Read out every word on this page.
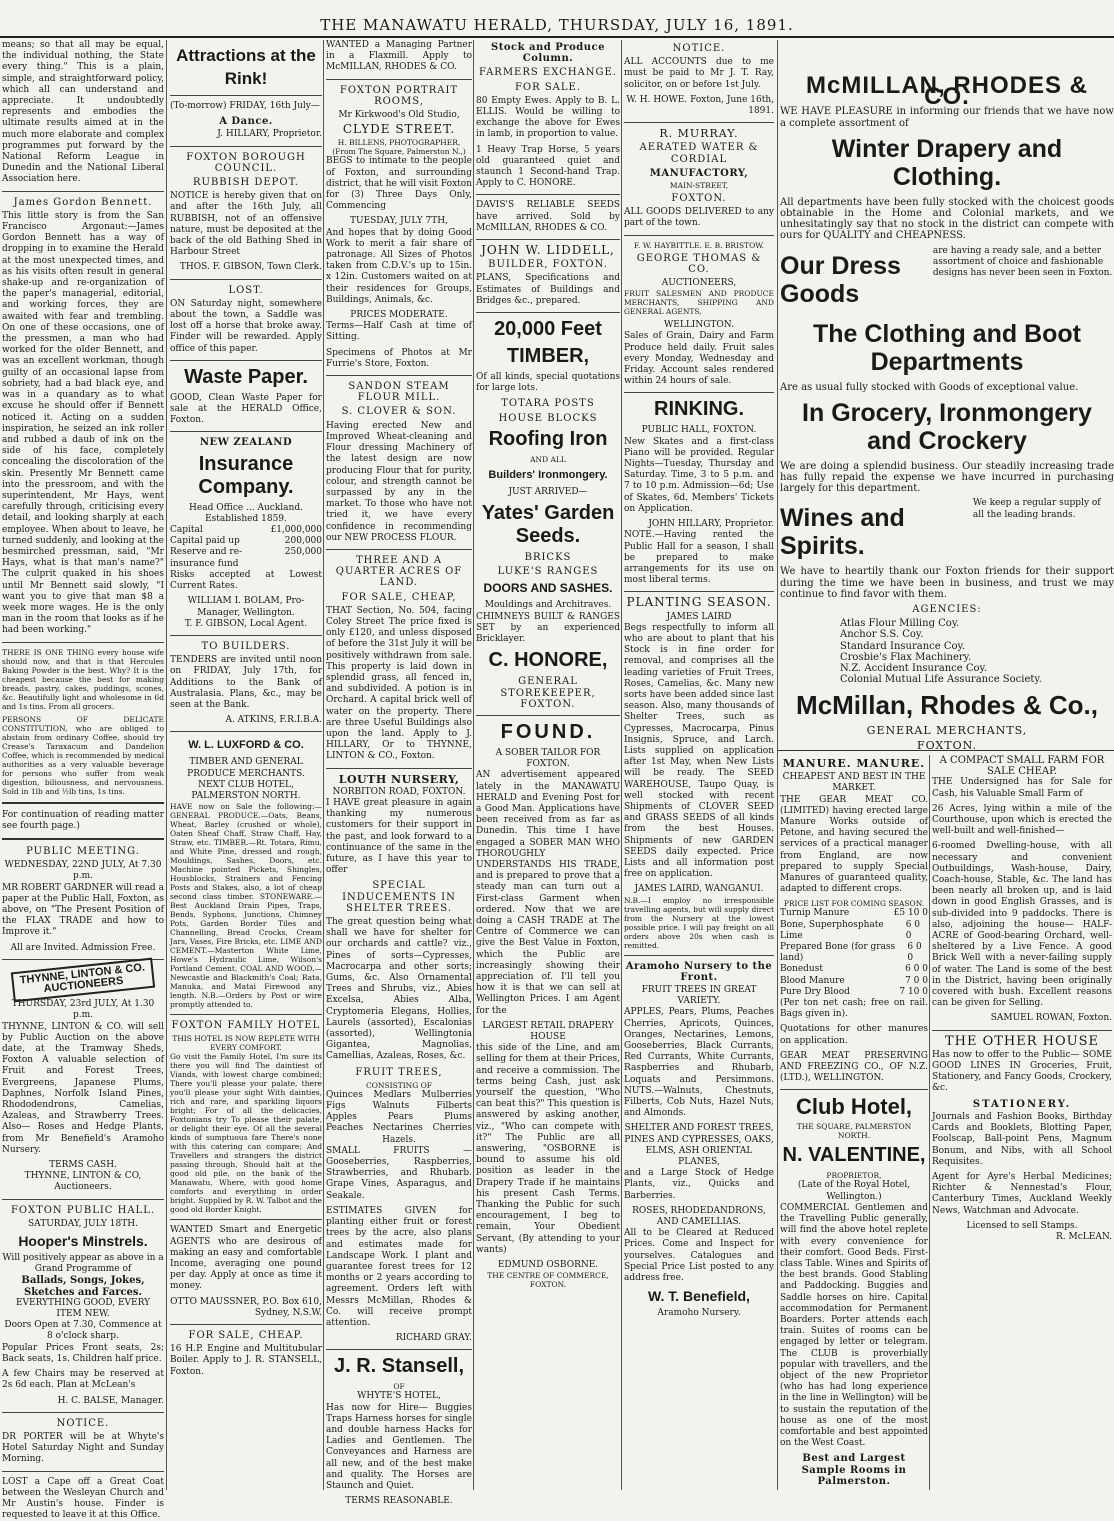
THE MANAWATU HERALD, THURSDAY, JULY 16, 1891.

means; so that all may be equal, the individual nothing, the State every thing." This is a plain, simple, and straightforward policy, which all can understand and appreciate. It undoubtedly represents and embodies the ultimate results aimed at in the much more elaborate and complex programmes put forward by the National Reform League in Dunedin and the National Liberal Association here.

James Gordon Bennett.

This little story is from the San Francisco Argonaut:—James Gordon Bennett has a way of dropping in to examine the Herald at the most unexpected times, and as his visits often result in general shake-up and re-organization of the paper's managerial, editorial, and working forces, they are awaited with fear and trembling. On one of these occasions, one of the pressmen, a man who had worked for the older Bennett, and was an excellent workman, though guilty of an occasional lapse from sobriety, had a bad black eye, and was in a quandary as to what excuse he should offer if Bennett noticed it. Acting on a sudden inspiration, he seized an ink roller and rubbed a daub of ink on the side of his face, completely concealing the discoloration of the skin. Presently Mr Bennett came into the pressroom, and with the superintendent, Mr Hays, went carefully through, criticising every detail, and looking sharply at each employee. When about to leave, he turned suddenly, and looking at the besmirched pressman, said, "Mr Hays, what is that man's name?" The culprit quaked in his shoes until Mr Bennett said slowly, "I want you to give that man $8 a week more wages. He is the only man in the room that looks as if he had been working."

THERE IS ONE THING every house wife should now, and that is that Hercules Baking Powder is the best. Why? It is the cheapest because the best for making breads, pastry, cakes, puddings, scones, &c. Beautifully light and wholesome in 6d and 1s tins. From all grocers.

PERSONS OF DELICATE CONSTITUTION, who are obliged to abstain from ordinary Coffee, should try Crease's Taraxacum and Dandelion Coffee, which is recommended by medical authorities as a very valuable beverage for persons who suffer from weak digestion, biliousness, and nervousness. Sold in 1lb and ½lb tins, 1s tins.

For continuation of reading matter see fourth page.)

PUBLIC MEETING.
WEDNESDAY, 22ND JULY, At 7.30 p.m.

MR ROBERT GARDNER will read a paper at the Public Hall, Foxton, as above, on "The Present Position of the FLAX TRADE and how to Improve it."

All are Invited. Admission Free.
THYNNE, LINTON & CO. AUCTIONEERS
THURSDAY, 23rd JULY, At 1.30 p.m.

THYNNE, LINTON & CO. will sell by Public Auction on the above date, at the Tramway Sheds, Foxton A valuable selection of Fruit and Forest Trees, Evergreens, Japanese Plums, Daphnes, Norfolk Island Pines, Rhododendrons, Camelias, Azaleas, and Strawberry Trees. Also— Roses and Hedge Plants, from Mr Benefield's Aramoho Nursery.

TERMS CASH.
THYNNE, LINTON & CO, Auctioneers.
FOXTON PUBLIC HALL.
SATURDAY, JULY 18TH.
Hooper's Minstrels.
Will positively appear as above in a Grand Programme of
Ballads, Songs, Jokes, Sketches and Farces.
EVERYTHING GOOD, EVERY ITEM NEW.
Doors Open at 7.30, Commence at 8 o'clock sharp.

Popular Prices Front seats, 2s; Back seats, 1s. Children half price.

A few Chairs may be reserved at 2s 6d each. Plan at McLean's

H. C. BALSE, Manager.
NOTICE.

DR PORTER will be at Whyte's Hotel Saturday Night and Sunday Morning.

LOST a Cape off a Great Coat between the Wesleyan Church and Mr Austin's house. Finder is requested to leave it at this Office.

Attractions at the Rink!

(To-morrow) FRIDAY, 16th July—

A Dance.
J. HILLARY, Proprietor.
FOXTON BOROUGH COUNCIL.
RUBBISH DEPOT.

NOTICE is hereby given that on and after the 16th July, all RUBBISH, not of an offensive nature, must be deposited at the back of the old Bathing Shed in Harbour Street

THOS. F. GIBSON, Town Clerk.
LOST.

ON Saturday night, somewhere about the town, a Saddle was lost off a horse that broke away. Finder will be rewarded. Apply office of this paper.

Waste Paper.

GOOD, Clean Waste Paper for sale at the HERALD Office, Foxton.

NEW ZEALAND
Insurance Company.
Head Office ... Auckland. Established 1859.
Capital	£1,000,000
Capital paid up	200,000
Reserve and re-insurance fund
250,000

Risks accepted at Lowest Current Rates.

WILLIAM I. BOLAM, Pro-Manager, Wellington.
T. F. GIBSON, Local Agent.
TO BUILDERS.

TENDERS are invited until noon on FRIDAY, July 17th, for Additions to the Bank of Australasia. Plans, &c., may be seen at the Bank.

A. ATKINS, F.R.I.B.A.
W. L. LUXFORD & CO.
TIMBER AND GENERAL PRODUCE MERCHANTS.
NEXT CLUB HOTEL, PALMERSTON NORTH.

HAVE now on Sale the following:— GENERAL PRODUCE.—Oats, Beans, Wheat, Barley (crushed or whole), Oaten Sheaf Chaff, Straw Chaff, Hay, Straw, etc. TIMBER.—Rt. Totara, Rimu, and White Pine, dressed and rough, Mouldings, Sashes, Doors, etc. Machine pointed Pickets, Shingles, Housblocks, Strainers and Fencing Posts and Stakes, also, a lot of cheap second class timber. STONEWARE.—Best Auckland Drain Pipes, Traps, Bends, Syphons, Junctions, Chimney Pots, Garden Border Tiles and Channelling, Bread Crocks, Cream Jars, Vases, Fire Bricks, etc. LIME AND CEMENT.—Masterton White Lime, Howe's Hydraulic Lime, Wilson's Portland Cement. COAL AND WOOD.—Newcastle and Blackmith's Coal; Rata, Manuka, and Matai Firewood any length. N.B.—Orders by Post or wire promptly attended to.

FOXTON FAMILY HOTEL
THIS HOTEL IS NOW REPLETE WITH EVERY COMFORT.

Go visit the Family Hotel, I'm sure its there you will find The daintiest of Viands, with lowest charge combined; There you'll please your palate, there you'll please your sight With dainties, rich and rare, and sparkling liquors bright; For of all the delicacies, Foxtonians try To please their palate, or delight their eye. Of all the several kinds of sumptuous fare There's none with this catering can compare; And Travellers and strangers the district passing through, Should halt at the good old pile, on the bank of the Manawatu, Where, with good home comforts and everything in order bright. Supplied by R. W. Talbot and the good old Border Knight.

WANTED Smart and Energetic AGENTS who are desirous of making an easy and comfortable Income, averaging one pound per day. Apply at once as time it money.

OTTO MAUSSNER, P.O. Box 610, Sydney, N.S.W.
FOR SALE, CHEAP.

16 H.P. Engine and Multitubular Boiler. Apply to J. R. STANSELL, Foxton.

WANTED a Managing Partner in a Flaxmill. Apply to McMILLAN, RHODES & CO.

FOXTON PORTRAIT ROOMS,
Mr Kirkwood's Old Studio,
CLYDE STREET.
H. BILLENS, PHOTOGRAPHER, (From The Square, Palmerston N.,)

BEGS to intimate to the people of Foxton, and surrounding district, that he will visit Foxton for (3) Three Days Only, Commencing

TUESDAY, JULY 7TH,

And hopes that by doing Good Work to merit a fair share of patronage. All Sizes of Photos taken from C.D.V.'s up to 15in. x 12in. Customers waited on at their residences for Groups, Buildings, Animals, &c.

PRICES MODERATE.

Terms—Half Cash at time of Sitting.

Specimens of Photos at Mr Furrie's Store, Foxton.

SANDON STEAM FLOUR MILL.
S. CLOVER & SON.

Having erected New and Improved Wheat-cleaning and Flour dressing Machinery of the latest design are now producing Flour that for purity, colour, and strength cannot be surpassed by any in the market. To those who have not tried it, we have every confidence in recommending our NEW PROCESS FLOUR.

THREE AND A QUARTER ACRES OF LAND.
FOR SALE, CHEAP,

THAT Section, No. 504, facing Coley Street The price fixed is only £120, and unless disposed of before the 31st July it will be positively withdrawn from sale. This property is laid down in splendid grass, all fenced in, and subdivided. A potion is in Orchard. A capital brick well of water on the property. There are three Useful Buildings also upon the land. Apply to J. HILLARY, Or to THYNNE, LINTON & CO., Foxton.

LOUTH NURSERY,
NORBITON ROAD, FOXTON.

I HAVE great pleasure in again thanking my numerous customers for their support in the past, and look forward to a continuance of the same in the future, as I have this year to offer

SPECIAL INDUCEMENTS IN SHELTER TREES.

The great question being what shall we have for shelter for our orchards and cattle? viz., Pines of sorts—Cypresses, Macrocarpa and other sorts; Gums, &c. Also Ornamental Trees and Shrubs, viz., Abies Excelsa, Abies Alba, Cryptomeria Elegans, Hollies, Laurels (assorted), Escalonias (assorted), Wellingtonia Gigantea, Magnolias, Camellias, Azaleas, Roses, &c.

FRUIT TREES,
CONSISTING OF
Quinces Medlars Mulberries
Figs	Walnuts	Filberts
Apples	Pears	Plums
Peaches Nectarines Cherries
Hazels.

SMALL FRUITS — Gooseberries, Raspberries, Strawberries, and Rhubarb. Grape Vines, Asparagus, and Seakale.

ESTIMATES GIVEN for planting either fruit or forest trees by the acre, also plans and estimates made for Landscape Work. I plant and guarantee forest trees for 12 months or 2 years according to agreement. Orders left with Messrs McMillan, Rhodes & Co. will receive prompt attention.

RICHARD GRAY.
J. R. Stansell,
OF
WHYTE'S HOTEL,

Has now for Hire— Buggies Traps Harness horses for single and double harness Hacks for Ladies and Gentlemen. The Conveyances and Harness are all new, and of the best make and quality. The Horses are Staunch and Quiet.

TERMS REASONABLE.
Stock and Produce Column.
FARMERS EXCHANGE.
FOR SALE.

80 Empty Ewes. Apply to B. L. ELLIS. Would be willing to exchange the above for Ewes in lamb, in proportion to value.

1 Heavy Trap Horse, 5 years old guaranteed quiet and staunch 1 Second-hand Trap. Apply to C. HONORE.

DAVIS'S RELIABLE SEEDS have arrived. Sold by McMILLAN, RHODES & CO.

JOHN W. LIDDELL,
BUILDER, FOXTON.

PLANS, Specifications and Estimates of Buildings and Bridges &c., prepared.

20,000 Feet
TIMBER,

Of all kinds, special quotations for large lots.

TOTARA POSTS
HOUSE BLOCKS
Roofing Iron
AND ALL
Builders' Ironmongery.
JUST ARRIVED—
Yates' Garden Seeds.
BRICKS
LUKE'S RANGES
DOORS AND SASHES.
Mouldings and Architraves.

CHIMNEYS BUILT & RANGES SET by an experienced Bricklayer.

C. HONORE,
GENERAL STOREKEEPER, FOXTON.
FOUND.
A SOBER TAILOR FOR FOXTON.

AN advertisement appeared lately in the MANAWATU HERALD and Evening Post for a Good Man. Applications have been received from as far as Dunedin. This time I have engaged a SOBER MAN WHO THOROUGHLY UNDERSTANDS HIS TRADE, and is prepared to prove that a steady man can turn out a First-class Garment when ordered. Now that we are doing a CASH TRADE at The Centre of Commerce we can give the Best Value in Foxton, which the Public are increasingly showing their appreciation of. I'll tell you how it is that we can sell at Wellington Prices. I am Agent for the

LARGEST RETAIL DRAPERY HOUSE

this side of the Line, and am selling for them at their Prices, and receive a commission. The terms being Cash, just ask yourself the question, "Who can beat this?" This question is answered by asking another, viz., "Who can compete with it?" The Public are all answering, "OSBORNE is bound to assume his old position as leader in the Drapery Trade if he maintains his present Cash Terms. Thanking the Public for such encouragement, I beg to remain, Your Obedient Servant, (By attending to your wants)

EDMUND OSBORNE.
THE CENTRE OF COMMERCE, FOXTON.
NOTICE.

ALL ACCOUNTS due to me must be paid to Mr J. T. Ray, solicitor, on or before 1st July.

W. H. HOWE. Foxton, June 16th, 1891.
R. MURRAY.
AERATED WATER & CORDIAL
MANUFACTORY,
MAIN-STREET,
FOXTON.

ALL GOODS DELIVERED to any part of the town.

F. W. HAYBITTLE. E. B. BRISTOW.
GEORGE THOMAS & CO.
AUCTIONEERS,

FRUIT SALESMEN AND PRODUCE MERCHANTS, SHIPPING AND GENERAL AGENTS,

WELLINGTON.

Sales of Grain, Dairy and Farm Produce held daily. Fruit sales every Monday, Wednesday and Friday. Account sales rendered within 24 hours of sale.

RINKING.
PUBLIC HALL, FOXTON.

New Skates and a first-class Piano will be provided. Regular Nights—Tuesday, Thursday and Saturday. Time, 3 to 5 p.m. and 7 to 10 p.m. Admission—6d; Use of Skates, 6d. Members' Tickets on Application.

JOHN HILLARY, Proprietor.

NOTE.—Having rented the Public Hall for a season, I shall be prepared to make arrangements for its use on most liberal terms.

PLANTING SEASON.
JAMES LAIRD

Begs respectfully to inform all who are about to plant that his Stock is in fine order for removal, and comprises all the leading varieties of Fruit Trees, Roses, Camelias, &c. Many new sorts have been added since last season. Also, many thousands of Shelter Trees, such as Cypresses, Macrocarpa, Pinus Insignis, Spruce, and Larch. Lists supplied on application after 1st May, when New Lists will be ready. The SEED WAREHOUSE, Taupo Quay, is well stocked with recent Shipments of CLOVER SEED and GRASS SEEDS of all kinds from the best Houses. Shipments of new GARDEN SEEDS daily expected. Price Lists and all information post free on application.

JAMES LAIRD, WANGANUI.

N.B.—I employ no irresponsible travelling agents, but will supply direct from the Nursery at the lowest possible price. I will pay freight on all orders above 20s when cash is remitted.

Aramoho Nursery to the Front.
FRUIT TREES IN GREAT VARIETY.

APPLES, Pears, Plums, Peaches Cherries, Apricots, Quinces, Oranges, Nectarines, Lemons, Gooseberries, Black Currants, Red Currants, White Currants, Raspberries and Rhubarb, Loquats and Persimmons. NUTS.—Walnuts, Chestnuts, Filberts, Cob Nuts, Hazel Nuts, and Almonds.

SHELTER AND FOREST TREES, PINES AND CYPRESSES, OAKS, ELMS, ASH ORIENTAL PLANES,

and a Large Stock of Hedge Plants, viz., Quicks and Barberries.

ROSES, RHODEDANDRONS, AND CAMELLIAS.

All to be Cleared at Reduced Prices. Come and Inspect for yourselves. Catalogues and Special Price List posted to any address free.

W. T. Benefield,
Aramoho Nursery.
McMILLAN, RHODES & CO.

WE HAVE PLEASURE in informing our friends that we have now a complete assortment of

Winter Drapery and Clothing.

All departments have been fully stocked with the choicest goods obtainable in the Home and Colonial markets, and we unhesitatingly say that no stock in the district can compete with ours for QUALITY and CHEAPNESS.

Our Dress Goods are having a ready sale, and a better assortment of choice and fashionable designs has never been seen in Foxton.
The Clothing and Boot Departments

Are as usual fully stocked with Goods of exceptional value.

In Grocery, Ironmongery and Crockery

We are doing a splendid business. Our steadily increasing trade has fully repaid the expense we have incurred in purchasing largely for this department.

Wines and Spirits. We keep a regular supply of all the leading brands.

We have to heartily thank our Foxton friends for their support during the time we have been in business, and trust we may continue to find favor with them.

AGENCIES:
Atlas Flour Milling Coy.
Anchor S.S. Coy.
Standard Insurance Coy.
Crosbie's Flax Machinery.
N.Z. Accident Insurance Coy.
Colonial Mutual Life Assurance Society.
McMillan, Rhodes & Co.,
GENERAL MERCHANTS,
FOXTON.
MANURE. MANURE.
CHEAPEST AND BEST IN THE MARKET.

THE GEAR MEAT CO. (LIMITED) having erected large Manure Works outside of Petone, and having secured the services of a practical manager from England, are now prepared to supply Special Manures of guaranteed quality, adapted to different crops.

PRICE LIST FOR COMING SEASON.
Turnip Manure	£5 10 0
Bone, Superphosphate Lime
6 0 0
Prepared Bone (for grass land)
6 0 0
Bonedust	6 0 0
Blood Manure	7 0 0
Pure Dry Blood	7 10 0

(Per ton net cash; free on rail. Bags given in).

Quotations for other manures on application.

GEAR MEAT PRESERVING AND FREEZING CO., OF N.Z. (LTD.), WELLINGTON.

Club Hotel,
THE SQUARE, PALMERSTON NORTH.
N. VALENTINE,
PROPRIETOR,
(Late of the Royal Hotel, Wellington.)

COMMERCIAL Gentlemen and the Travelling Public generally, will find the above hotel replete with every convenience for their comfort. Good Beds. First-class Table. Wines and Spirits of the best brands. Good Stabling and Paddocking. Buggies and Saddle horses on hire. Capital accommodation for Permanent Boarders. Porter attends each train. Suites of rooms can be engaged by letter or telegram. The CLUB is proverbially popular with travellers, and the object of the new Proprietor (who has had long experience in the line in Wellington) will be to sustain the reputation of the house as one of the most comfortable and best appointed on the West Coast.

Best and Largest Sample Rooms in Palmerston.
A COMPACT SMALL FARM FOR SALE CHEAP.

THE Undersigned has for Sale for Cash, his Valuable Small Farm of

26 Acres, lying within a mile of the Courthouse, upon which is erected the well-built and well-finished—

6-roomed Dwelling-house, with all necessary and convenient Outbuildings, Wash-house, Dairy, Coach-house, Stable, &c. The land has been nearly all broken up, and is laid down in good English Grasses, and is sub-divided into 9 paddocks. There is also, adjoining the house— HALF-ACRE of Good-bearing Orchard, well-sheltered by a Live Fence. A good Brick Well with a never-failing supply of water. The Land is some of the best in the District, having been originally covered with bush. Excellent reasons can be given for Selling.

SAMUEL ROWAN, Foxton.
THE OTHER HOUSE

Has now to offer to the Public— SOME GOOD LINES IN Groceries, Fruit, Stationery, and Fancy Goods, Crockery, &c.

STATIONERY.

Journals and Fashion Books, Birthday Cards and Booklets, Blotting Paper, Foolscap, Ball-point Pens, Magnum Bonum, and Nibs, with all School Requisites.

Agent for Ayre's Herbal Medicines; Richter & Nennestad's Flour, Canterbury Times, Auckland Weekly News, Watchman and Advocate.

Licensed to sell Stamps.
R. McLEAN.
